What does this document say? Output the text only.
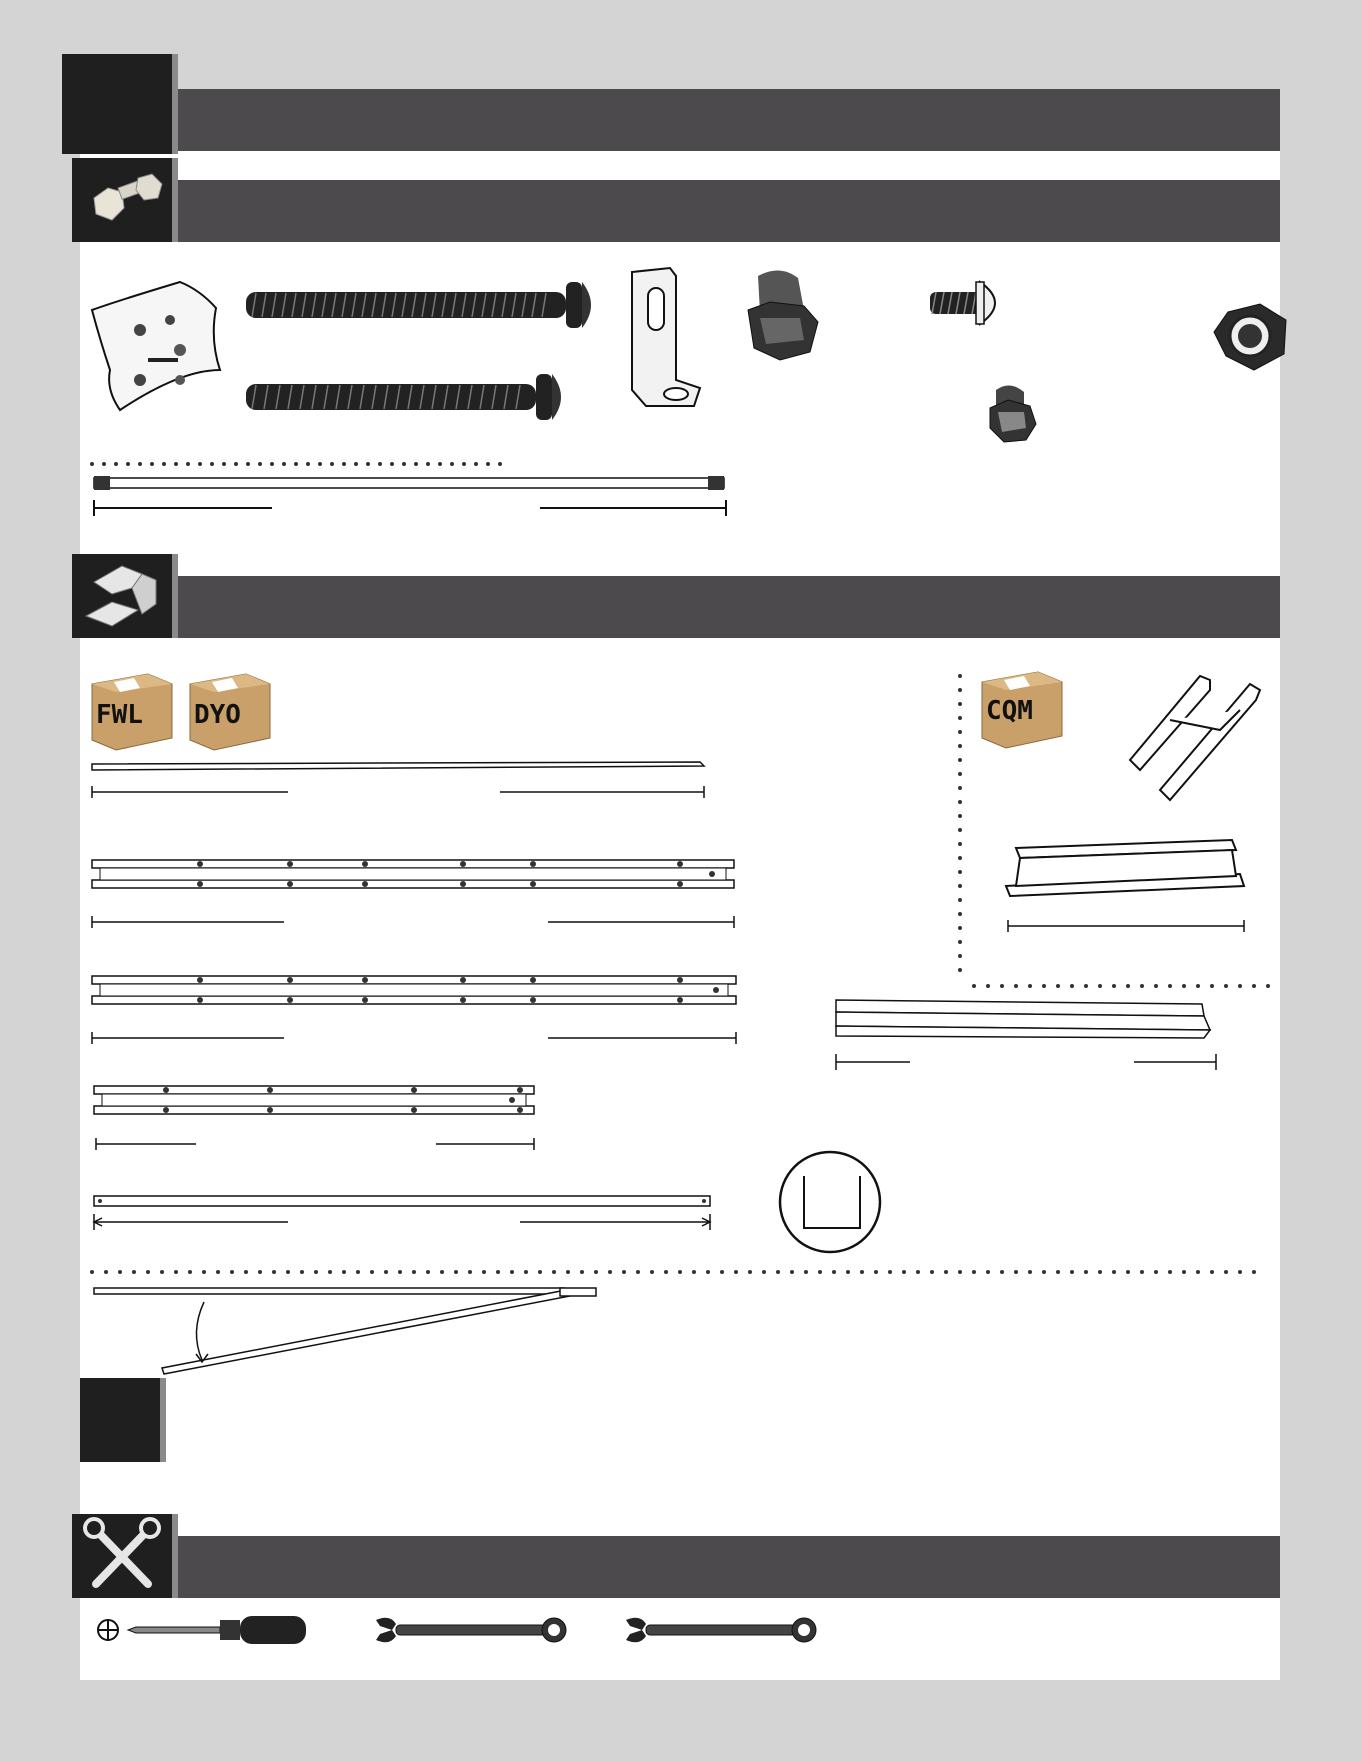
FWL DYO	CQM
